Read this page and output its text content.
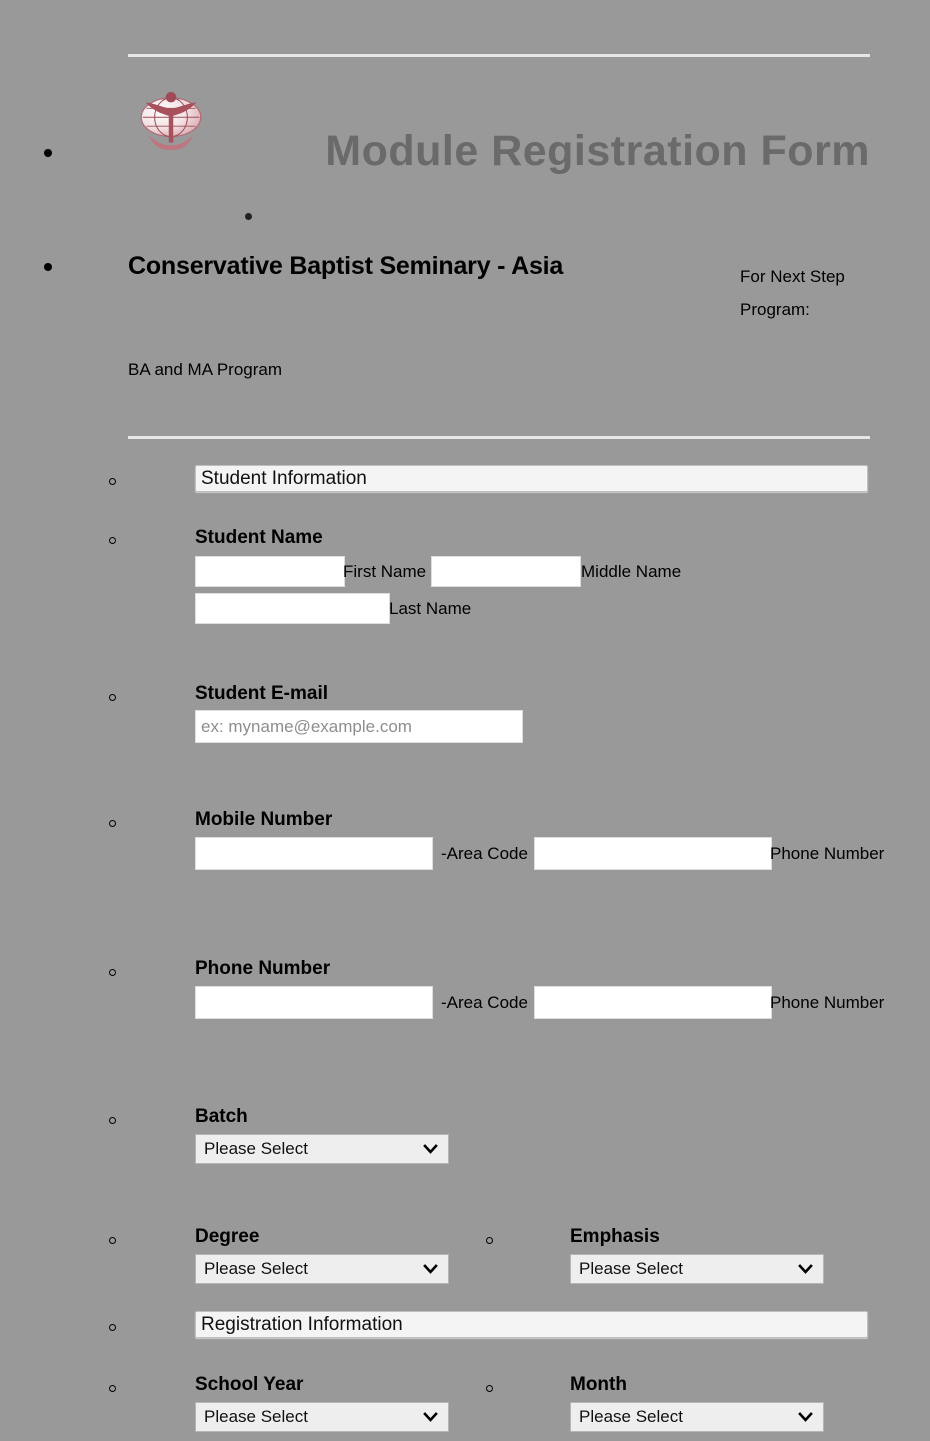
Module Registration Form
Conservative Baptist Seminary - Asia	For Next Step Program:
BA and MA Program
Student Information
Student Name
First Name	Middle Name
Last Name
Student E-mail
ex: myname@example.com
Mobile Number
-Area Code	Phone Number
Phone Number
-Area Code	Phone Number
Batch
Please Select
Degree
Please Select
Emphasis
Please Select
Registration Information
School Year
Please Select
Month
Please Select
